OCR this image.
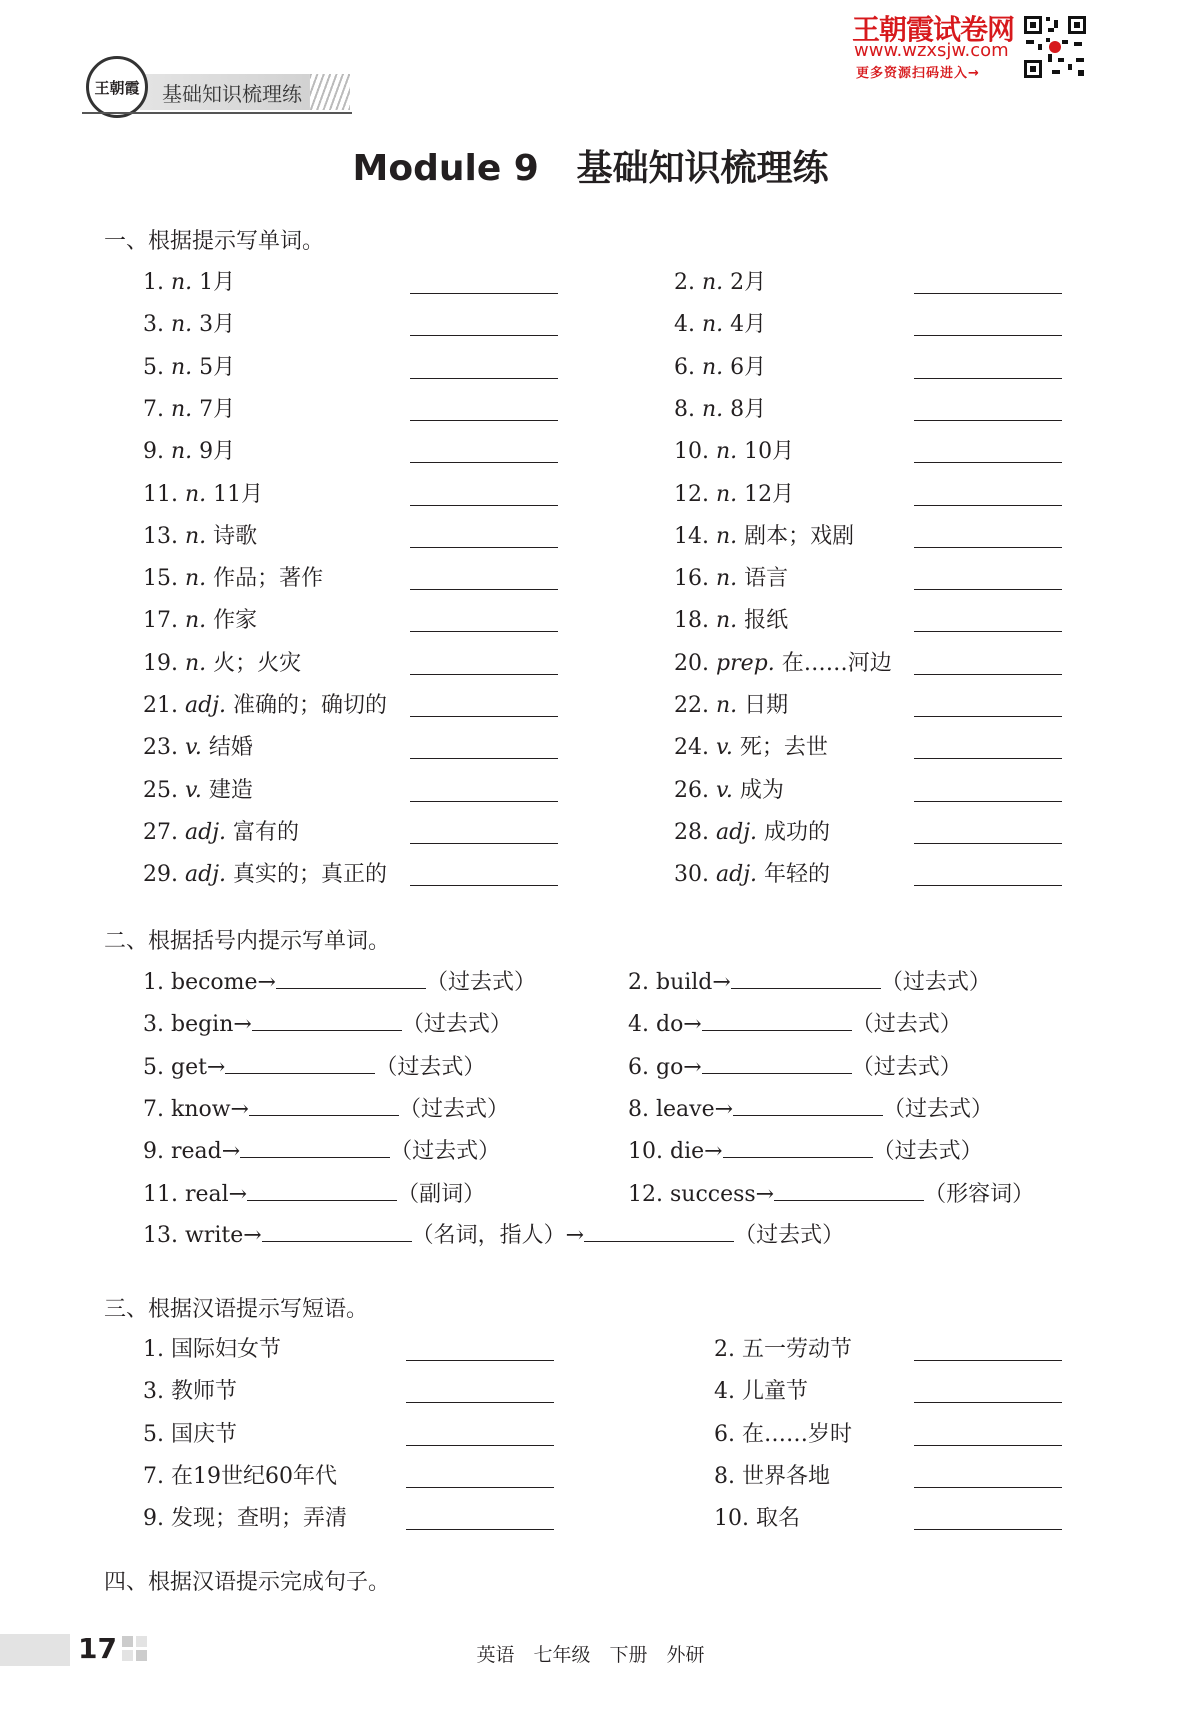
王朝霞 基础知识梳理练
王朝霞试卷网
www.wzxsjw.com
更多资源扫码进入→
Module 9   基础知识梳理练
一、根据提示写单词。
1. n. 1月	2. n. 2月
3. n. 3月	4. n. 4月
5. n. 5月	6. n. 6月
7. n. 7月	8. n. 8月
9. n. 9月	10. n. 10月
11. n. 11月	12. n. 12月
13. n. 诗歌	14. n. 剧本；戏剧
15. n. 作品；著作	16. n. 语言
17. n. 作家	18. n. 报纸
19. n. 火；火灾	20. prep. 在……河边
21. adj. 准确的；确切的	22. n. 日期
23. v. 结婚	24. v. 死；去世
25. v. 建造	26. v. 成为
27. adj. 富有的	28. adj. 成功的
29. adj. 真实的；真正的	30. adj. 年轻的
二、根据括号内提示写单词。
1. become→	（过去式）	2. build→	（过去式）
3. begin→	（过去式）	4. do→	（过去式）
5. get→	（过去式）	6. go→	（过去式）
7. know→	（过去式）	8. leave→	（过去式）
9. read→	（过去式）	10. die→	（过去式）
11. real→	（副词）	12. success→	（形容词）
13. write→	（名词，指人）→	（过去式）
三、根据汉语提示写短语。
1. 国际妇女节	2. 五一劳动节
3. 教师节	4. 儿童节
5. 国庆节	6. 在……岁时
7. 在19世纪60年代	8. 世界各地
9. 发现；查明；弄清	10. 取名
四、根据汉语提示完成句子。
17	英语　七年级　下册　外研
